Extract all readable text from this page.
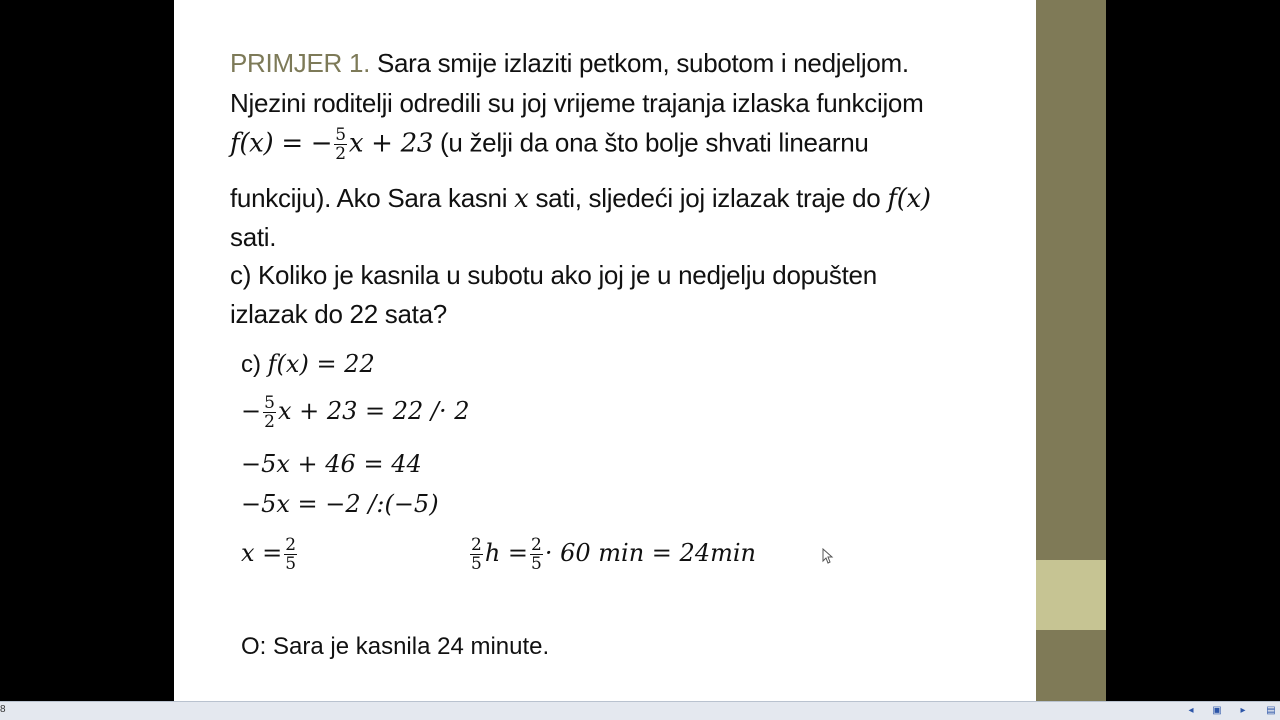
PRIMJER 1. Sara smije izlaziti petkom, subotom i nedjeljom.
Njezini roditelji odredili su joj vrijeme trajanja izlaska funkcijom
f(x) = − $\frac{5}{2}$ x + 23 (u želji da ona što bolje shvati linearnu
funkciju). Ako Sara kasni x sati, sljedeći joj izlazak traje do f(x)
sati.
c) Koliko je kasnila u subotu ako joj je u nedjelju dopušten
izlazak do 22 sata?
c) f(x) = 22
− $\frac{5}{2}$ x + 23 = 22 /· 2
−5x + 46 = 44
−5x = −2 /:(−5)
$x = \frac{2}{5}$	$\frac{2}{5}$ $h = \frac{2}{5} \cdot 60$ min = 24min
O: Sara je kasnila 24 minute.
8	◂	▣	▸	▤
